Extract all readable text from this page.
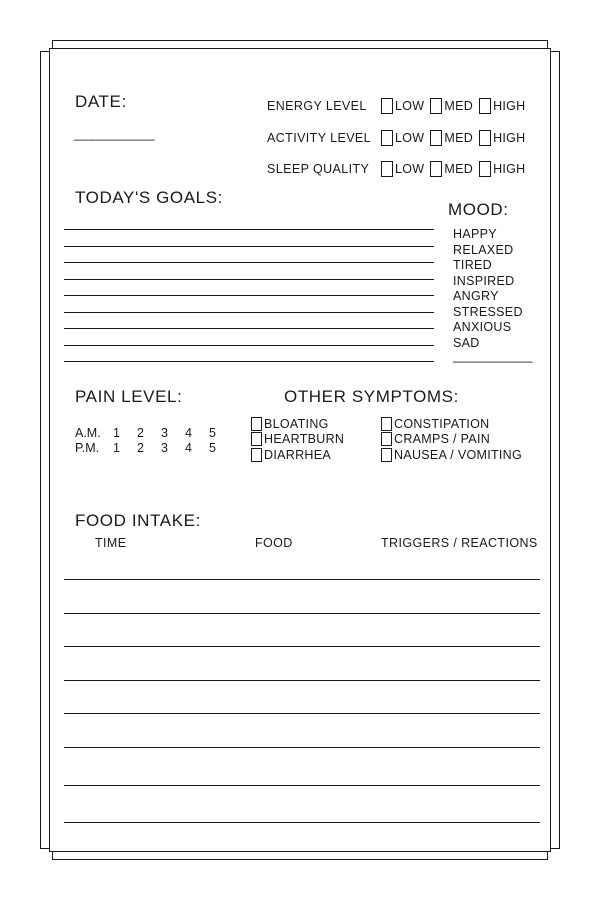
DATE:
___________
ENERGY LEVEL	LOW MED HIGH
ACTIVITY LEVEL	LOW MED HIGH
SLEEP QUALITY	LOW MED HIGH
TODAY'S GOALS:
MOOD:
HAPPY
RELAXED
TIRED
INSPIRED
ANGRY
STRESSED
ANXIOUS
SAD
___________
PAIN LEVEL:
A.M. 1	2	3	4	5
P.M.	1	2	3	4	5
OTHER SYMPTOMS:
BLOATING
HEARTBURN
DIARRHEA
CONSTIPATION
CRAMPS / PAIN
NAUSEA / VOMITING
FOOD INTAKE:
TIME	FOOD	TRIGGERS / REACTIONS
